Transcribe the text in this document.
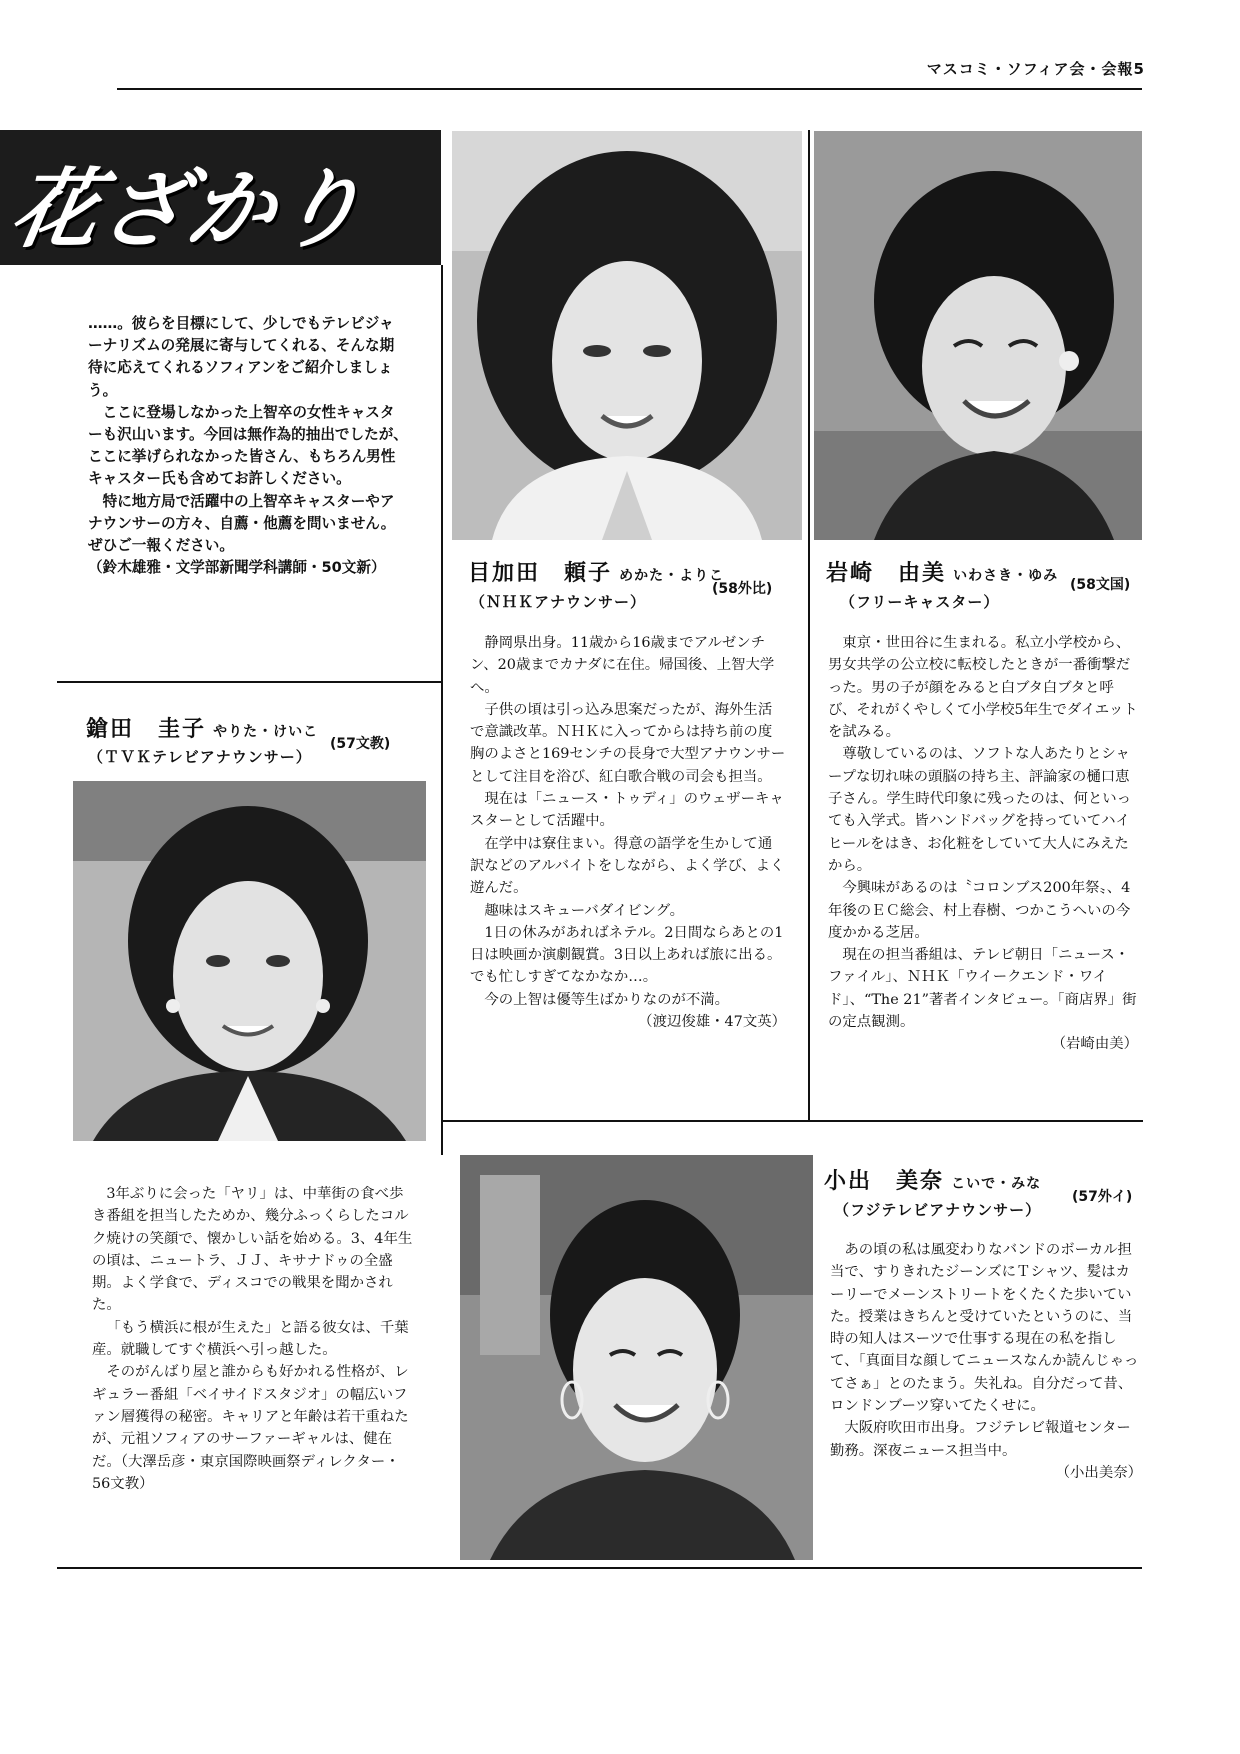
マスコミ・ソフィア会・会報5
花ざかり

……。彼らを目標にして、少しでもテレビジャーナリズムの発展に寄与してくれる、そんな期待に応えてくれるソフィアンをご紹介しましょう。

ここに登場しなかった上智卒の女性キャスターも沢山います。今回は無作為的抽出でしたが、ここに挙げられなかった皆さん、もちろん男性キャスター氏も含めてお許しください。

特に地方局で活躍中の上智卒キャスターやアナウンサーの方々、自薦・他薦を問いません。ぜひご一報ください。

（鈴木雄雅・文学部新聞学科講師・50文新）	目加田　頼子 めかた・よりこ
(58外比)
（ＮＨＫアナウンサー）

静岡県出身。11歳から16歳までアルゼンチン、20歳までカナダに在住。帰国後、上智大学へ。

子供の頃は引っ込み思案だったが、海外生活で意識改革。ＮＨＫに入ってからは持ち前の度胸のよさと169センチの長身で大型アナウンサーとして注目を浴び、紅白歌合戦の司会も担当。

現在は「ニュース・トゥディ」のウェザーキャスターとして活躍中。

在学中は寮住まい。得意の語学を生かして通訳などのアルバイトをしながら、よく学び、よく遊んだ。

趣味はスキューバダイビング。

1日の休みがあればネテル。2日間ならあとの1日は映画か演劇観賞。3日以上あれば旅に出る。でも忙しすぎてなかなか…。

今の上智は優等生ばかりなのが不満。

（渡辺俊雄・47文英）

岩崎　由美 いわさき・ゆみ
(58文国)
（フリーキャスター）

東京・世田谷に生まれる。私立小学校から、男女共学の公立校に転校したときが一番衝撃だった。男の子が顔をみると白ブタ白ブタと呼び、それがくやしくて小学校5年生でダイエットを試みる。

尊敬しているのは、ソフトな人あたりとシャープな切れ味の頭脳の持ち主、評論家の樋口恵子さん。学生時代印象に残ったのは、何といっても入学式。皆ハンドバッグを持っていてハイヒールをはき、お化粧をしていて大人にみえたから。

今興味があるのは〝コロンブス200年祭〟、4年後のＥＣ総会、村上春樹、つかこうへいの今度かかる芝居。

現在の担当番組は、テレビ朝日「ニュース・ファイル」、ＮＨＫ「ウイークエンド・ワイド」、“The 21”著者インタビュー。「商店界」街の定点観測。

（岩崎由美）

鎗田　圭子 やりた・けいこ
(57文教)
（ＴＶＫテレビアナウンサー）

3年ぶりに会った「ヤリ」は、中華街の食べ歩き番組を担当したためか、幾分ふっくらしたコルク焼けの笑顔で、懐かしい話を始める。3、4年生の頃は、ニュートラ、ＪＪ、キサナドゥの全盛期。よく学食で、ディスコでの戦果を聞かされた。

「もう横浜に根が生えた」と語る彼女は、千葉産。就職してすぐ横浜へ引っ越した。

そのがんばり屋と誰からも好かれる性格が、レギュラー番組「ベイサイドスタジオ」の幅広いファン層獲得の秘密。キャリアと年齢は若干重ねたが、元祖ソフィアのサーファーギャルは、健在だ。（大澤岳彦・東京国際映画祭ディレクター・56文教）

小出　美奈 こいで・みな
(57外イ)
（フジテレビアナウンサー）

あの頃の私は風変わりなバンドのボーカル担当で、すりきれたジーンズにＴシャツ、髪はカーリーでメーンストリートをくたくた歩いていた。授業はきちんと受けていたというのに、当時の知人はスーツで仕事する現在の私を指して、「真面目な顔してニュースなんか読んじゃってさぁ」とのたまう。失礼ね。自分だって昔、ロンドンブーツ穿いてたくせに。

大阪府吹田市出身。フジテレビ報道センター勤務。深夜ニュース担当中。

（小出美奈）
